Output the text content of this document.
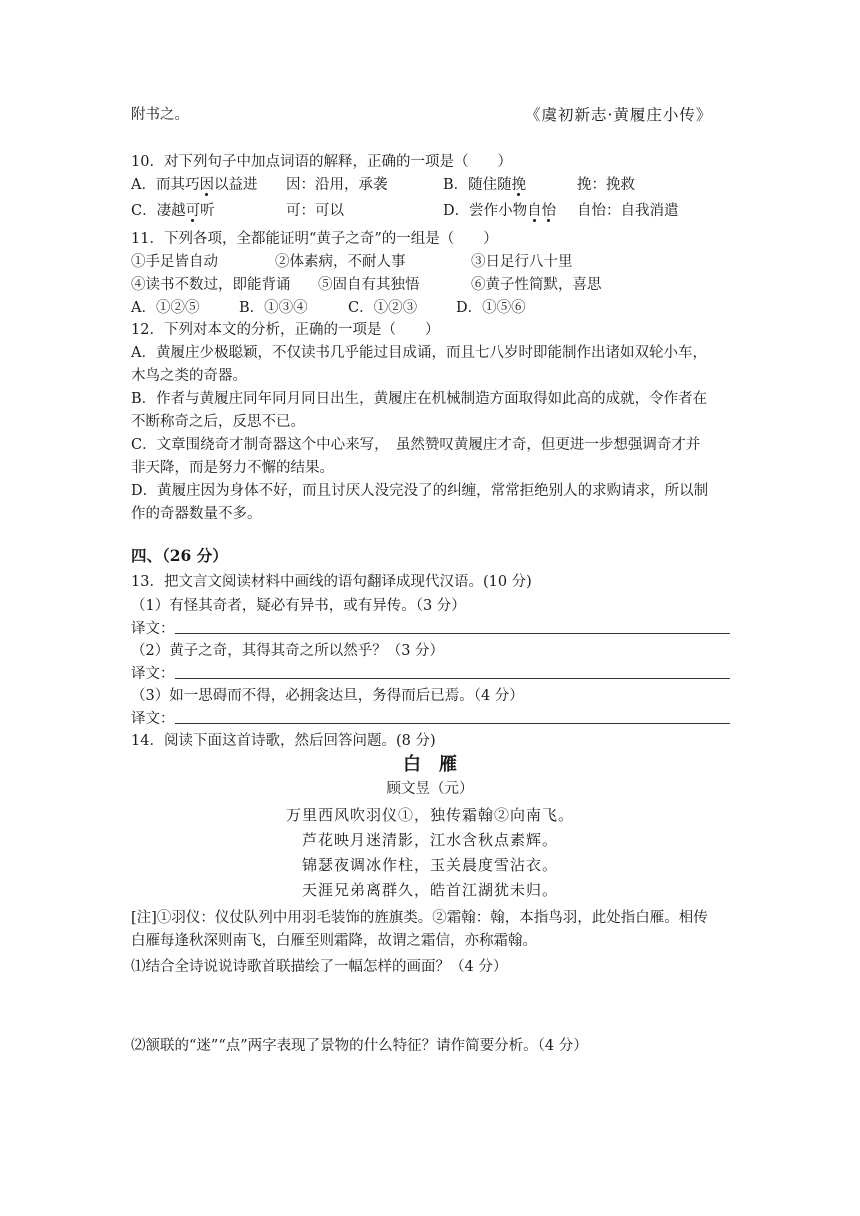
附书之。	《虞初新志·黄履庄小传》
10．对下列句子中加点词语的解释，正确的一项是（　　）
A．而其巧因以益进 因：沿用，承袭	B．随住随挽	挽：挽救
C．凄越可听	可：可以	D．尝作小物自怡 自怡：自我消遣
11．下列各项，全都能证明“黄子之奇”的一组是（　　）
①手足皆自动	②体素病，不耐人事	③日足行八十里
④读书不数过，即能背诵 ⑤固自有其独悟	⑥黄子性简默，喜思
A．①②⑤	B．①③④	C．①②③	D．①⑤⑥
12．下列对本文的分析，正确的一项是（　　）
A．黄履庄少极聪颖，不仅读书几乎能过目成诵，而且七八岁时即能制作出诸如双轮小车，
木鸟之类的奇器。
B．作者与黄履庄同年同月同日出生，黄履庄在机械制造方面取得如此高的成就，令作者在
不断称奇之后，反思不已。
C．文章围绕奇才制奇器这个中心来写，　虽然赞叹黄履庄才奇，但更进一步想强调奇才并
非天降，而是努力不懈的结果。
D．黄履庄因为身体不好，而且讨厌人没完没了的纠缠，常常拒绝别人的求购请求，所以制
作的奇器数量不多。
四、（26 分）
13．把文言文阅读材料中画线的语句翻译成现代汉语。(10 分)
（1）有怪其奇者，疑必有异书，或有异传。（3 分）
译文：
（2）黄子之奇，其得其奇之所以然乎？（3 分）
译文：
（3）如一思碍而不得，必拥衾达旦，务得而后已焉。（4 分）
译文：
14．阅读下面这首诗歌，然后回答问题。(8 分)
白雁
顾文昱（元）
万里西风吹羽仪①，独传霜翰②向南飞。
芦花映月迷清影，江水含秋点素辉。
锦瑟夜调冰作柱，玉关晨度雪沾衣。
天涯兄弟离群久，皓首江湖犹未归。
[注]①羽仪：仪仗队列中用羽毛装饰的旌旗类。②霜翰：翰，本指鸟羽，此处指白雁。相传
白雁每逢秋深则南飞，白雁至则霜降，故谓之霜信，亦称霜翰。
⑴结合全诗说说诗歌首联描绘了一幅怎样的画面？（4 分）
⑵颔联的“迷”“点”两字表现了景物的什么特征？请作简要分析。（4 分）
